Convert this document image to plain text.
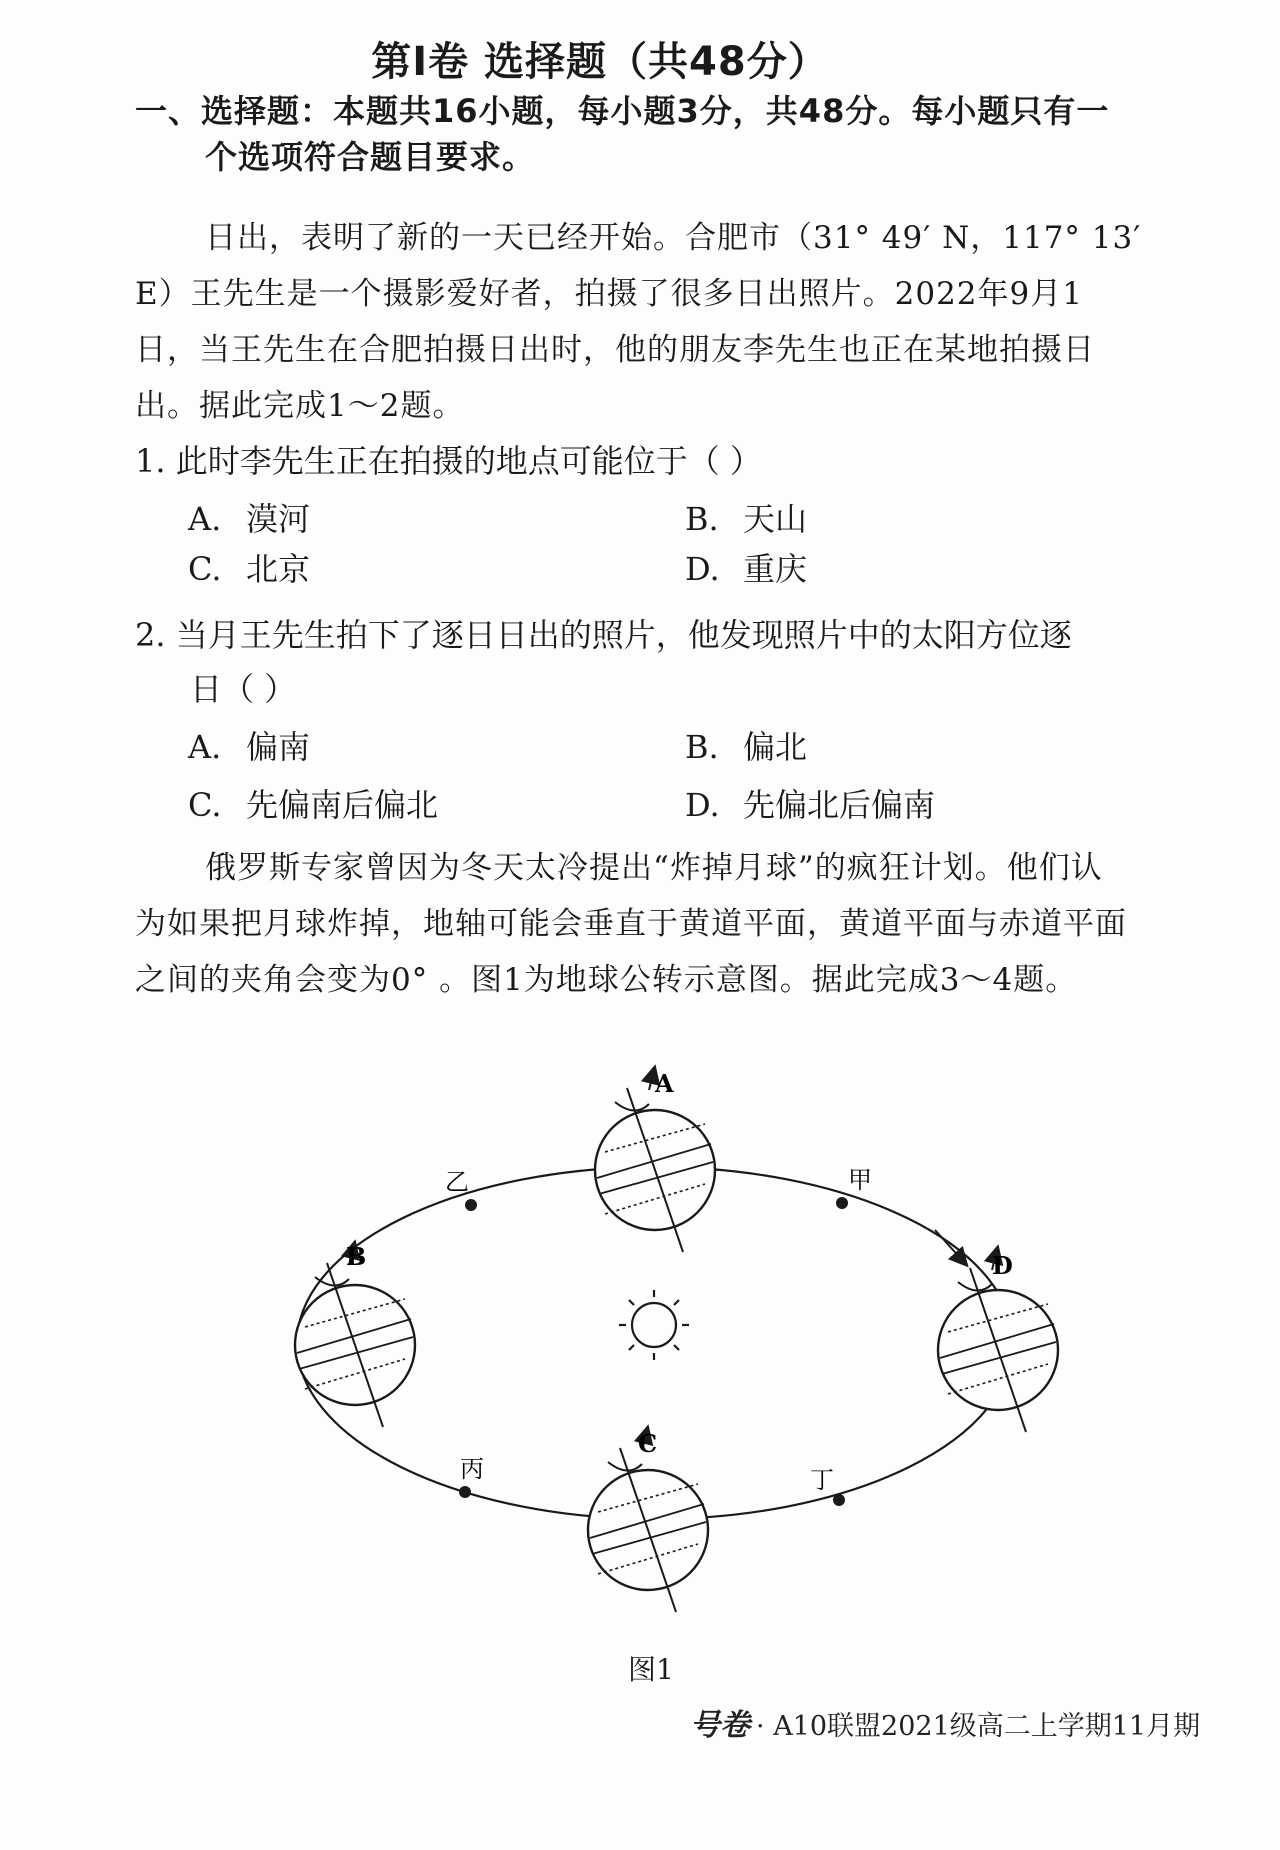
第Ⅰ卷 选择题（共48分）
一、选择题：本题共16小题，每小题3分，共48分。每小题只有一
个选项符合题目要求。
日出，表明了新的一天已经开始。合肥市（31° 49′ N，117° 13′
E）王先生是一个摄影爱好者，拍摄了很多日出照片。2022年9月1
日，当王先生在合肥拍摄日出时，他的朋友李先生也正在某地拍摄日
出。据此完成1～2题。
1. 此时李先生正在拍摄的地点可能位于（ ）
A. 漠河	B. 天山
C. 北京	D. 重庆
2. 当月王先生拍下了逐日日出的照片，他发现照片中的太阳方位逐
日（ ）
A. 偏南	B. 偏北
C. 先偏南后偏北	D. 先偏北后偏南
俄罗斯专家曾因为冬天太冷提出“炸掉月球”的疯狂计划。他们认
为如果把月球炸掉，地轴可能会垂直于黄道平面，黄道平面与赤道平面
之间的夹角会变为0° 。图1为地球公转示意图。据此完成3～4题。
A
B
C
D
甲
乙
丙	丁
图1
号卷 · A10联盟2021级高二上学期11月期
